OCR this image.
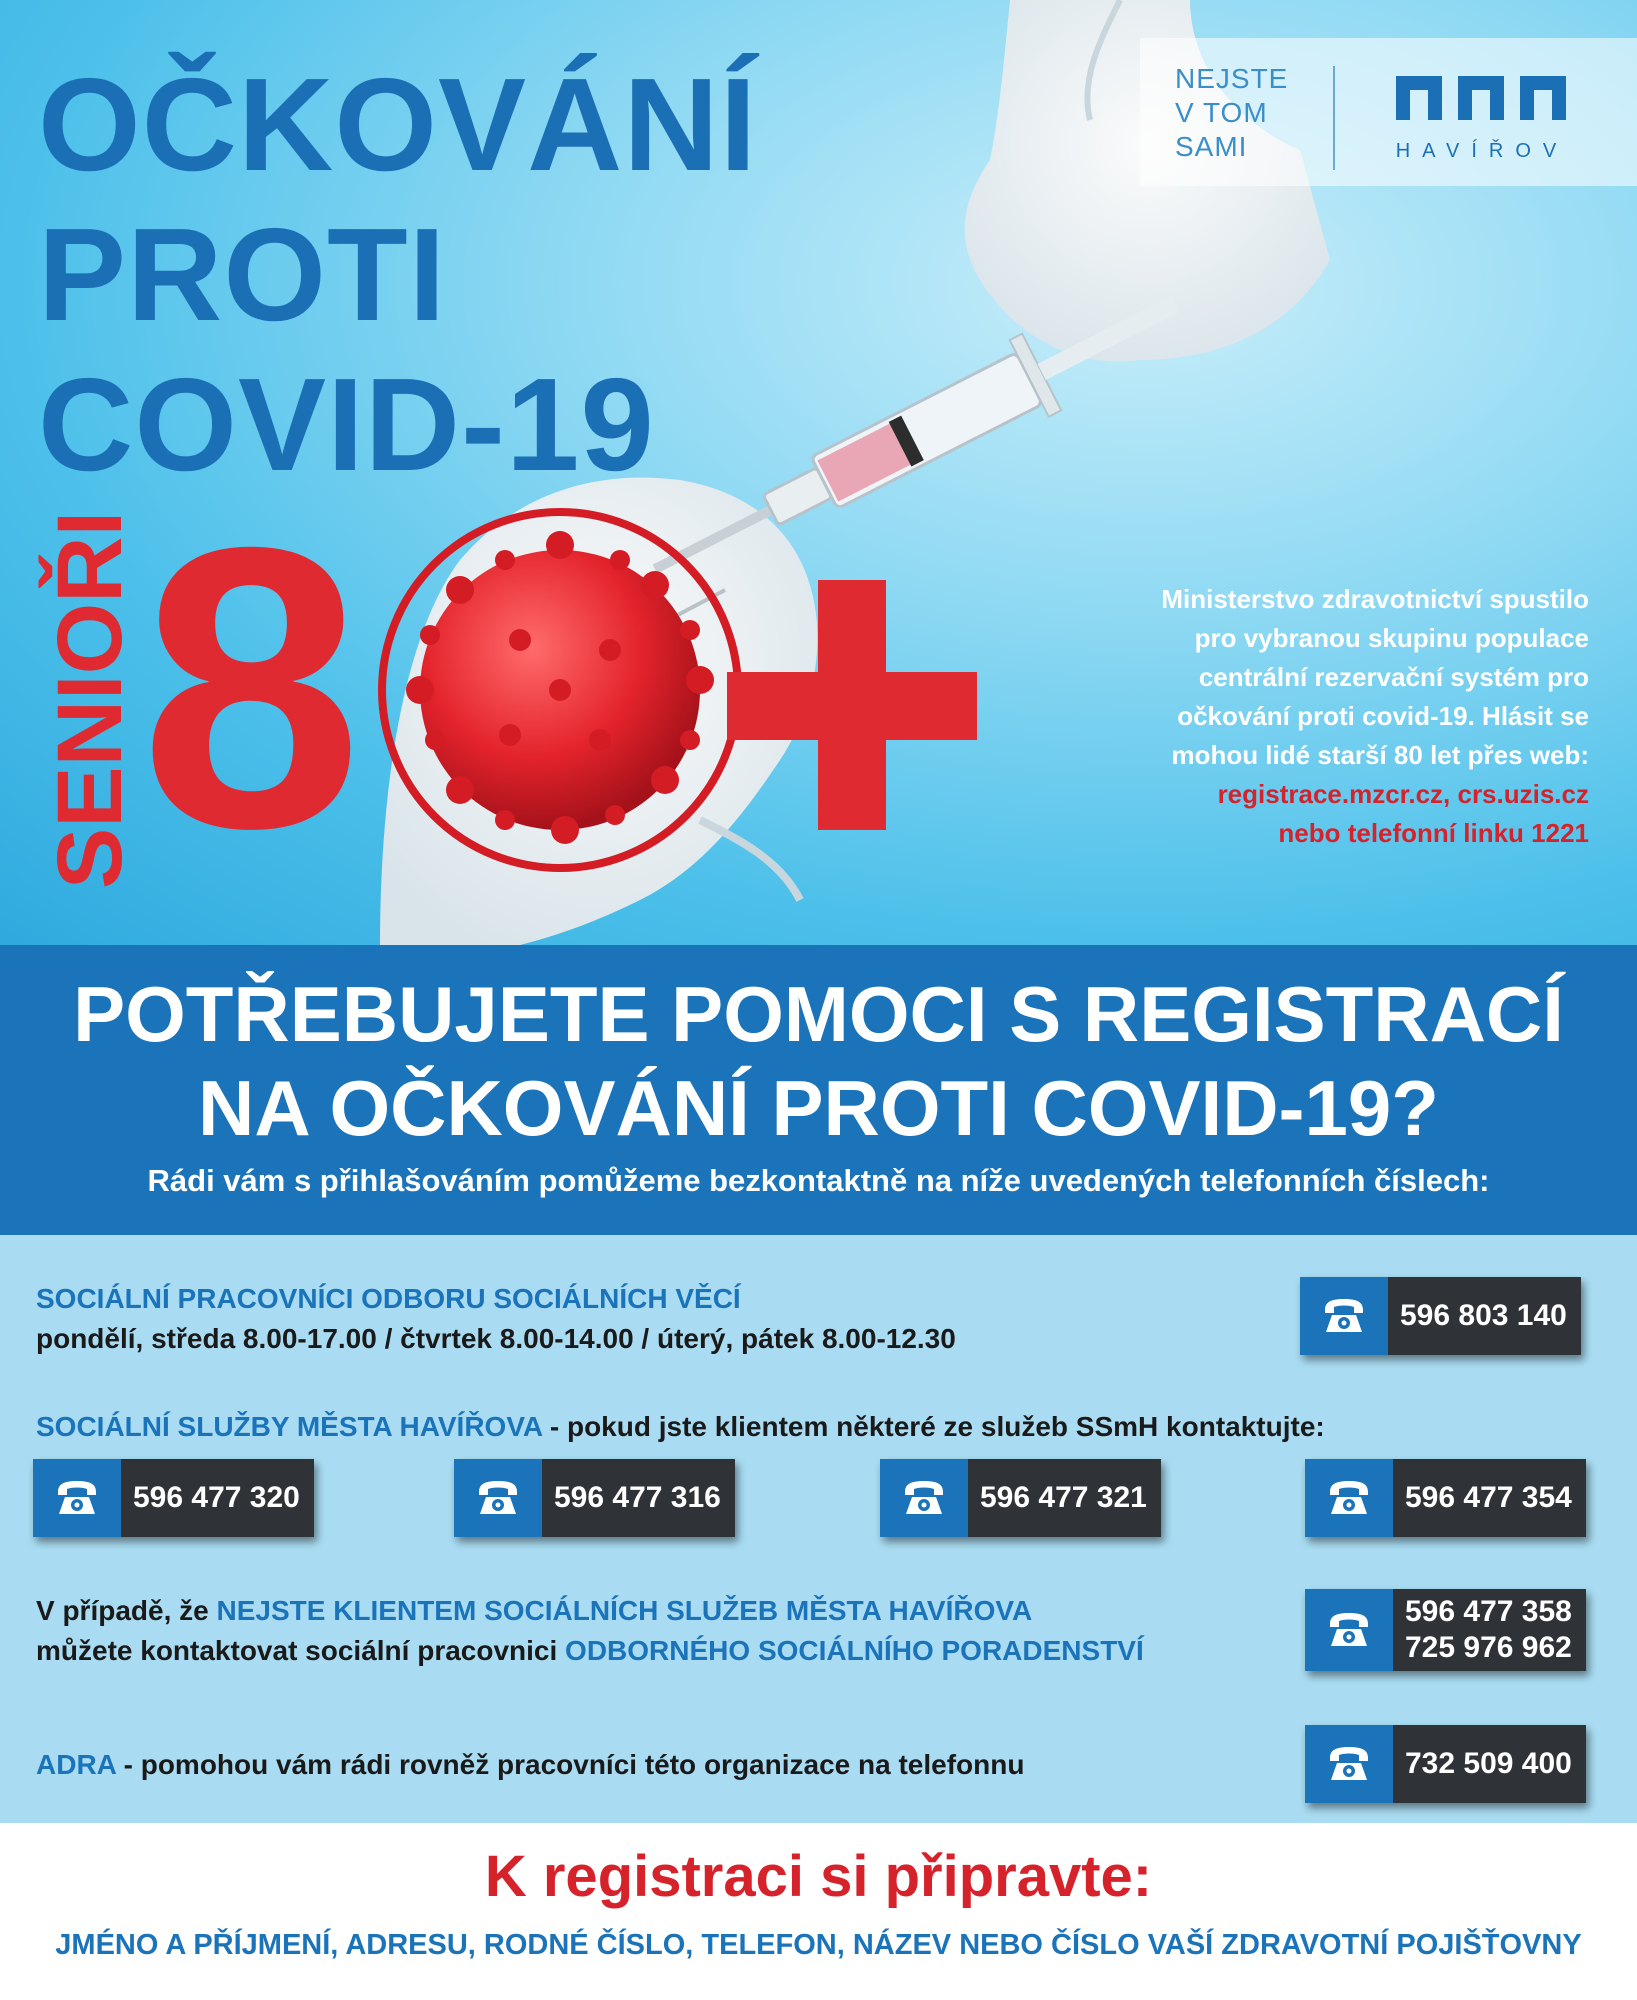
OČKOVÁNÍ
PROTI
COVID-19
NEJSTE
V TOM
SAMI	HAVÍŘOV
SENIOŘI 8	Ministerstvo zdravotnictví spustilo
pro vybranou skupinu populace
centrální rezervační systém pro
očkování proti covid-19. Hlásit se
mohou lidé starší 80 let přes web:
registrace.mzcr.cz, crs.uzis.cz
nebo telefonní linku 1221
POTŘEBUJETE POMOCI S REGISTRACÍ
NA OČKOVÁNÍ PROTI COVID-19?
Rádi vám s přihlašováním pomůžeme bezkontaktně na níže uvedených telefonních číslech:
SOCIÁLNÍ PRACOVNÍCI ODBORU SOCIÁLNÍCH VĚCÍ
pondělí, středa 8.00-17.00 / čtvrtek 8.00-14.00 / úterý, pátek 8.00-12.30
596 803 140
SOCIÁLNÍ SLUŽBY MĚSTA HAVÍŘOVA - pokud jste klientem některé ze služeb SSmH kontaktujte:
596 477 320	596 477 316	596 477 321	596 477 354
V případě, že NEJSTE KLIENTEM SOCIÁLNÍCH SLUŽEB MĚSTA HAVÍŘOVA
můžete kontaktovat sociální pracovnici ODBORNÉHO SOCIÁLNÍHO PORADENSTVÍ
596 477 358
725 976 962
ADRA - pomohou vám rádi rovněž pracovníci této organizace na telefonnu	732 509 400
K registraci si připravte:
JMÉNO A PŘÍJMENÍ, ADRESU, RODNÉ ČÍSLO, TELEFON, NÁZEV NEBO ČÍSLO VAŠÍ ZDRAVOTNÍ POJIŠŤOVNY
